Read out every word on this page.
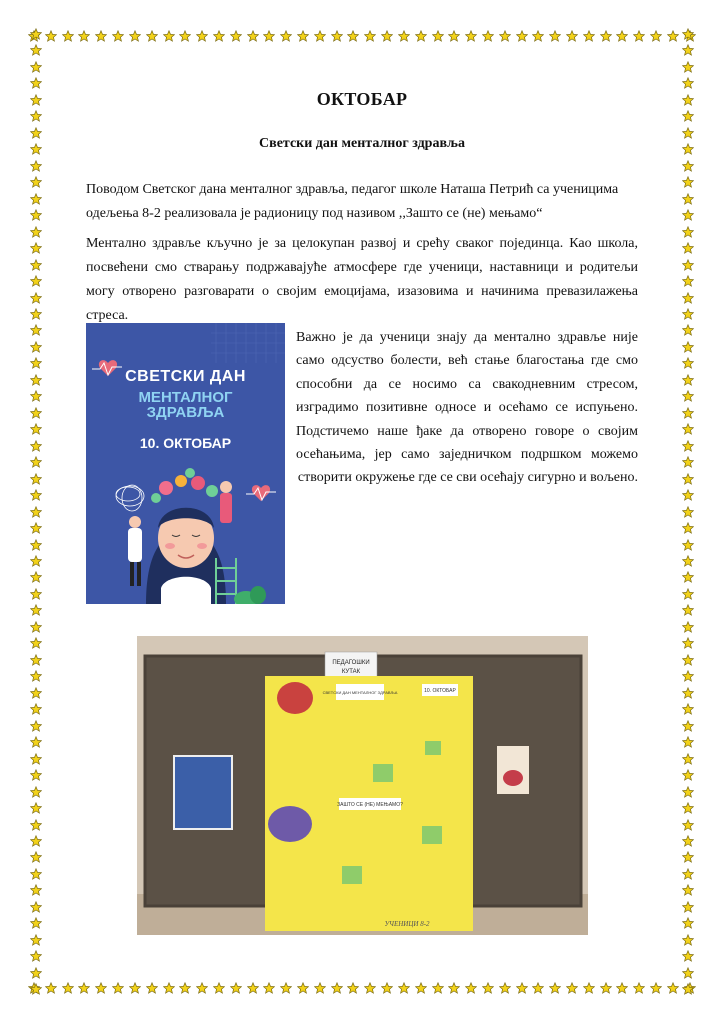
ОКТОБАР
Светски дан менталног здравља
Поводом Светског дана менталног здравља, педагог школе Наташа Петрић са ученицима одељења 8-2 реализовала је радионицу под називом ,,Зашто се (не) мењамо“
Ментално здравље кључно је за целокупан развој и срећу сваког појединца. Као школа, посвећени смо стварању подржавајуће атмосфере где ученици, наставници и родитељи могу отворено разговарати о својим емоцијама, изазовима и начинима превазилажења стреса.
СВЕТСКИ ДАН
МЕНТАЛНОГ
ЗДРАВЉА
10. ОКТОБАР
Важно је да ученици знају да ментално здравље није само одсуство болести, већ стање благостања где смо способни да се носимо са свакодневним стресом, изградимо позитивне односе и осећамо се испуњено. Подстичемо наше ђаке да отворено говоре о својим осећањима, јер само заједничком подршком можемо створити окружење где се сви осећају сигурно и вољено.
ПЕДАГОШКИ
КУТАК
СВЕТСКИ ДАН МЕНТАЛНОГ ЗДРАВЉА	10. ОКТОБАР
ЗАШТО СЕ (НЕ) МЕЊАМО?
УЧЕНИЦИ 8-2
